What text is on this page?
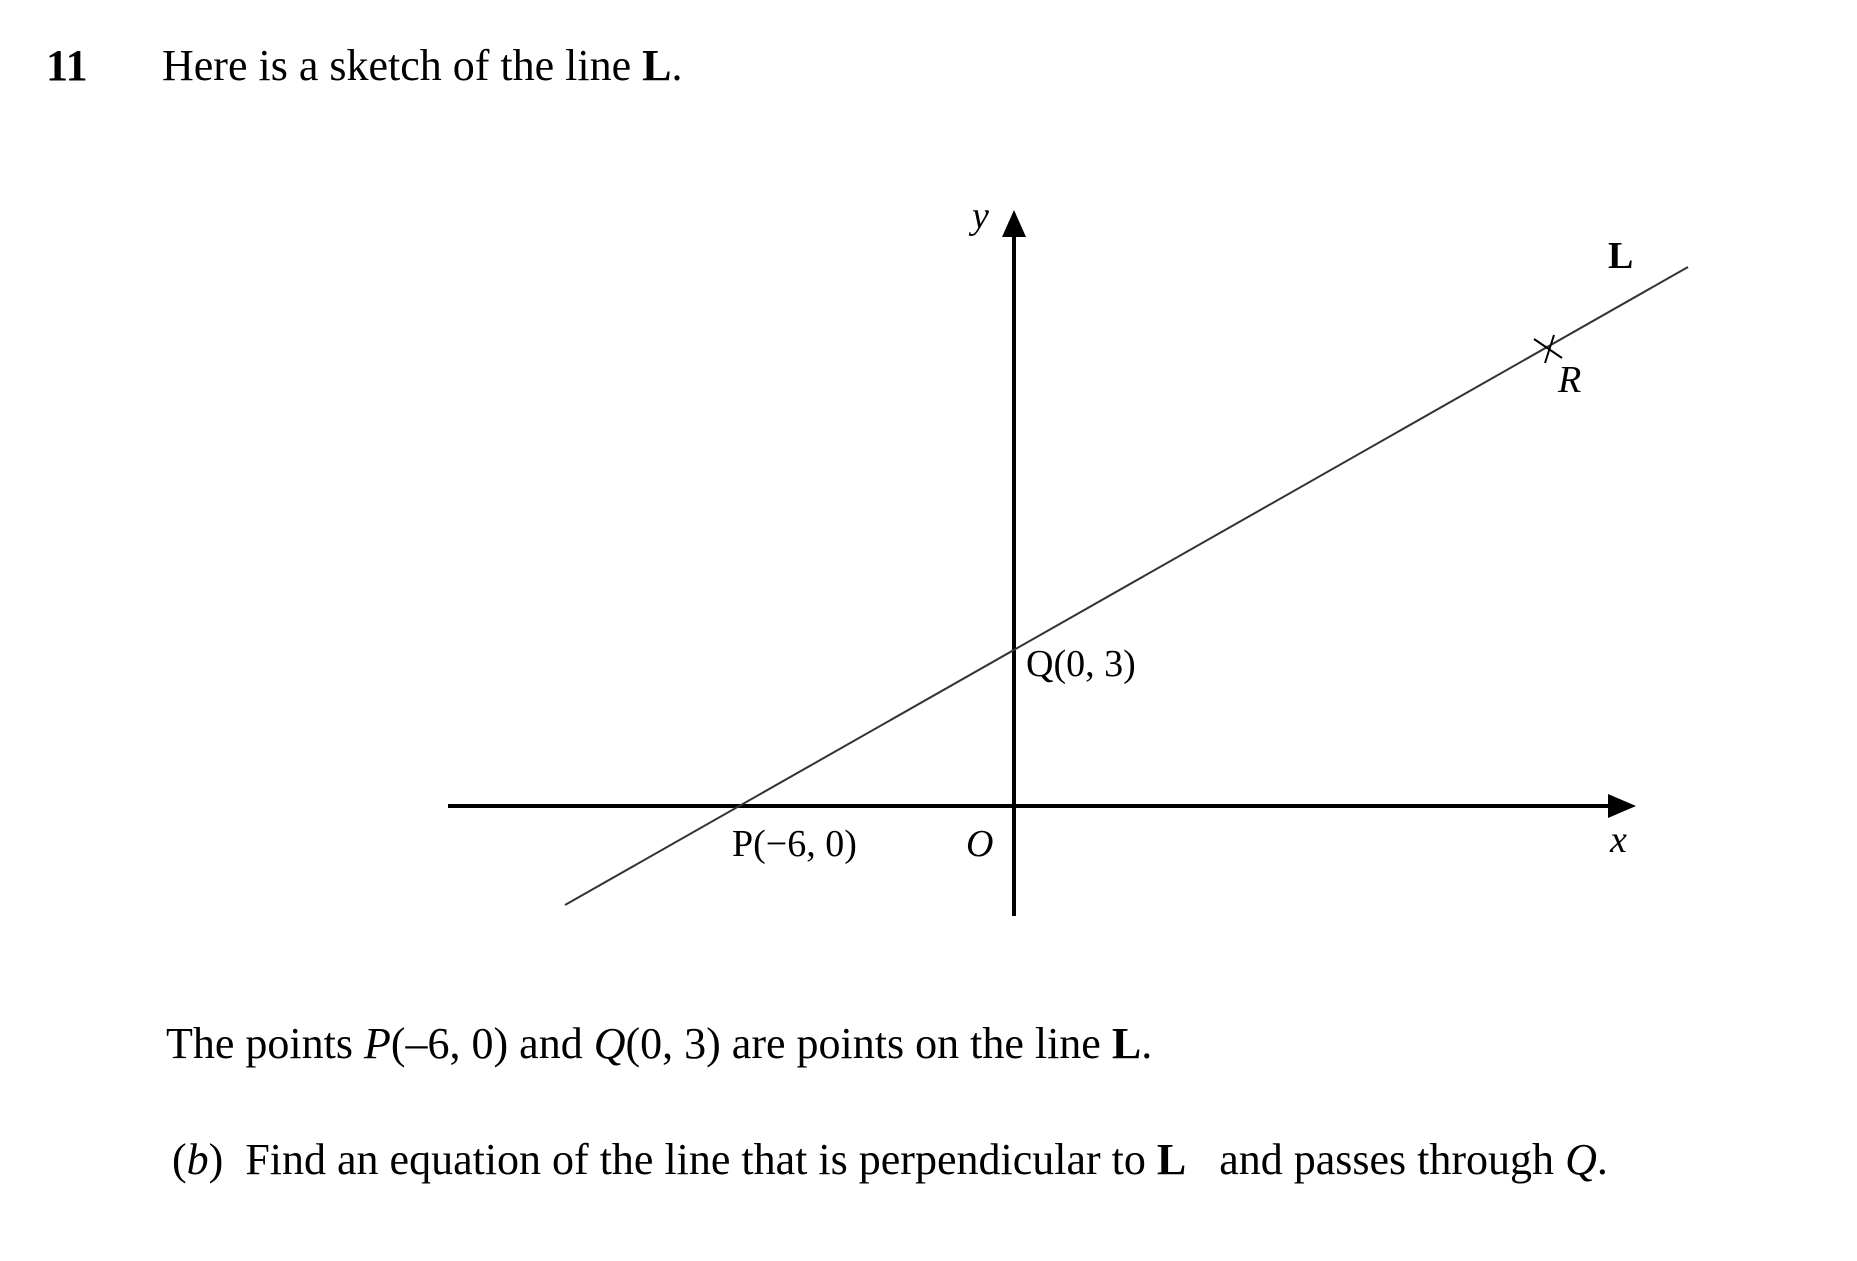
11 Here is a sketch of the line L.
y
x
O
L
R
P(−6, 0)
Q(0, 3)
The points P(–6, 0) and Q(0, 3) are points on the line L.
(b)  Find an equation of the line that is perpendicular to L   and passes through Q.
